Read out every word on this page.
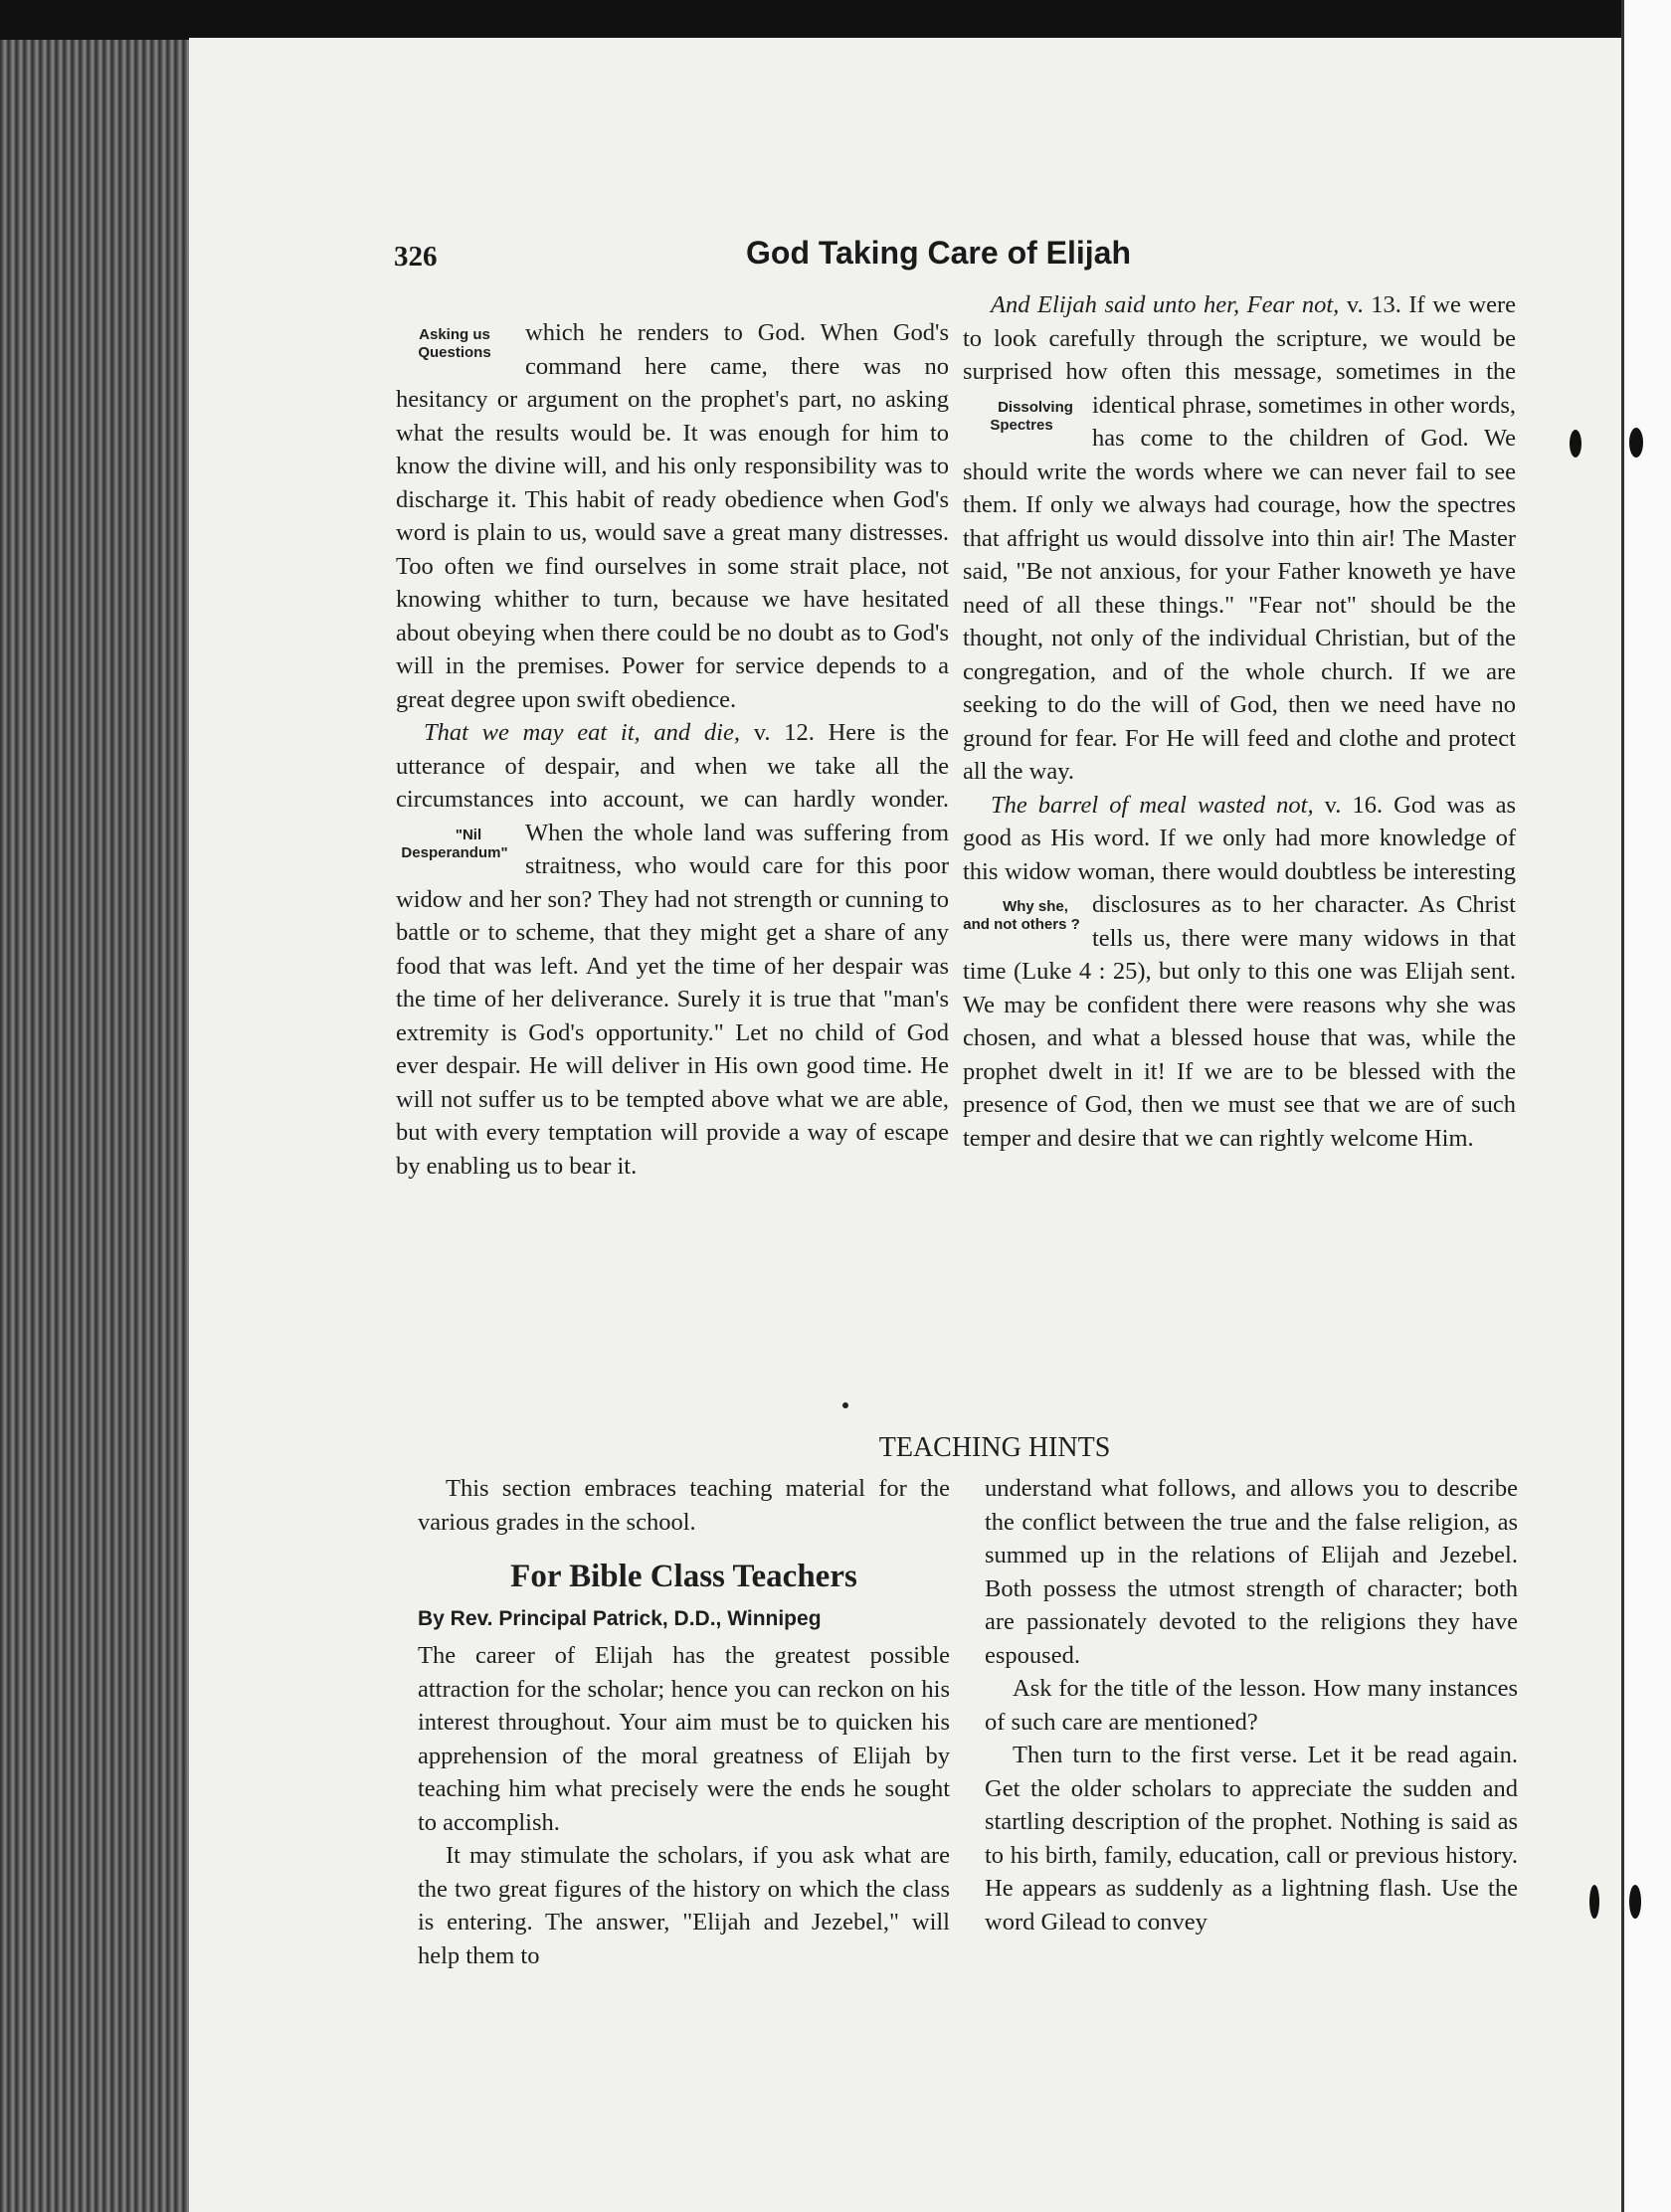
326	God Taking Care of Elijah

which he renders to God. When God's
Asking us Questions	command here came, there was no hesitancy or argument on the prophet's part, no asking what the results would be. It was enough for him to know the divine will, and his only responsibility was to discharge it. This habit of ready obedience when God's word is plain to us, would save a great many distresses. Too often we find ourselves in some strait place, not knowing whither to turn, because we have hesitated about obeying when there could be no doubt as to God's will in the premises. Power for service depends to a great degree upon swift obedience.

That we may eat it, and die, v. 12. Here is the utterance of despair, and when we take all the circumstances into account, we can hardly wonder. When the whole land was
"Nil Desperandum"
suffering from straitness, who would care for this poor widow and her son? They had not strength or cunning to battle or to scheme, that they might get a share of any food that was left. And yet the time of her despair was the time of her deliverance. Surely it is true that "man's extremity is God's opportunity." Let no child of God ever despair. He will deliver in His own good time. He will not suffer us to be tempted above what we are able, but with every temptation will provide a way of escape by enabling us to bear it.

And Elijah said unto her, Fear not, v. 13. If we were to look carefully through the scripture, we would be surprised how often this message, sometimes in the identical
Dissolving Spectres
phrase, sometimes in other words, has come to the children of God. We should write the words where we can never fail to see them. If only we always had courage, how the spectres that affright us would dissolve into thin air! The Master said, "Be not anxious, for your Father knoweth ye have need of all these things." "Fear not" should be the thought, not only of the individual Christian, but of the congregation, and of the whole church. If we are seeking to do the will of God, then we need have no ground for fear. For He will feed and clothe and protect all the way.

The barrel of meal wasted not, v. 16. God was as good as His word. If we only had more knowledge of this widow woman, there would doubtless be interesting disclosures as
Why she, and not others ?
to her character. As Christ tells us, there were many widows in that time (Luke 4 : 25), but only to this one was Elijah sent. We may be confident there were reasons why she was chosen, and what a blessed house that was, while the prophet dwelt in it! If we are to be blessed with the presence of God, then we must see that we are of such temper and desire that we can rightly welcome Him.

TEACHING HINTS

This section embraces teaching material for the various grades in the school.

For Bible Class Teachers
By Rev. Principal Patrick, D.D., Winnipeg

The career of Elijah has the greatest possible attraction for the scholar; hence you can reckon on his interest throughout. Your aim must be to quicken his apprehension of the moral greatness of Elijah by teaching him what precisely were the ends he sought to accomplish.

It may stimulate the scholars, if you ask what are the two great figures of the history on which the class is entering. The answer, "Elijah and Jezebel," will help them to

understand what follows, and allows you to describe the conflict between the true and the false religion, as summed up in the relations of Elijah and Jezebel. Both possess the utmost strength of character; both are passionately devoted to the religions they have espoused.

Ask for the title of the lesson. How many instances of such care are mentioned?

Then turn to the first verse. Let it be read again. Get the older scholars to appreciate the sudden and startling description of the prophet. Nothing is said as to his birth, family, education, call or previous history. He appears as suddenly as a lightning flash. Use the word Gilead to convey
